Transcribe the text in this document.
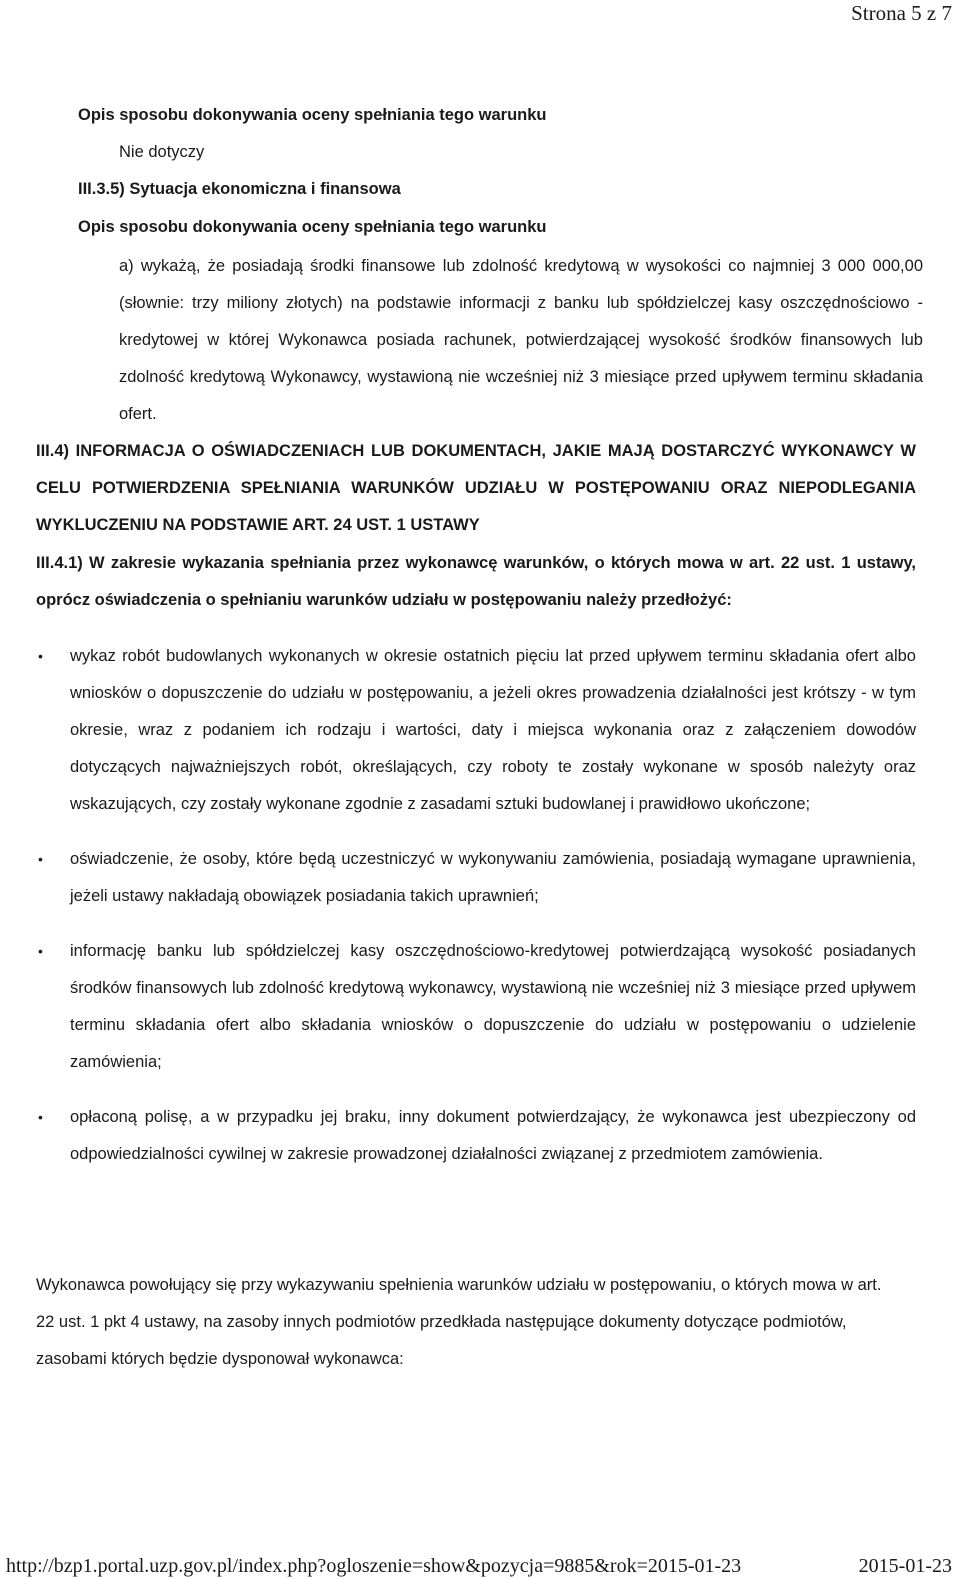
Strona 5 z 7
Opis sposobu dokonywania oceny spełniania tego warunku
Nie dotyczy
III.3.5) Sytuacja ekonomiczna i finansowa
Opis sposobu dokonywania oceny spełniania tego warunku
a) wykażą, że posiadają środki finansowe lub zdolność kredytową w wysokości co najmniej 3 000 000,00 (słownie: trzy miliony złotych) na podstawie informacji z banku lub spółdzielczej kasy oszczędnościowo - kredytowej w której Wykonawca posiada rachunek, potwierdzającej wysokość środków finansowych lub zdolność kredytową Wykonawcy, wystawioną nie wcześniej niż 3 miesiące przed upływem terminu składania ofert.
III.4) INFORMACJA O OŚWIADCZENIACH LUB DOKUMENTACH, JAKIE MAJĄ DOSTARCZYĆ WYKONAWCY W CELU POTWIERDZENIA SPEŁNIANIA WARUNKÓW UDZIAŁU W POSTĘPOWANIU ORAZ NIEPODLEGANIA WYKLUCZENIU NA PODSTAWIE ART. 24 UST. 1 USTAWY
III.4.1) W zakresie wykazania spełniania przez wykonawcę warunków, o których mowa w art. 22 ust. 1 ustawy, oprócz oświadczenia o spełnianiu warunków udziału w postępowaniu należy przedłożyć:
• wykaz robót budowlanych wykonanych w okresie ostatnich pięciu lat przed upływem terminu składania ofert albo wniosków o dopuszczenie do udziału w postępowaniu, a jeżeli okres prowadzenia działalności jest krótszy - w tym okresie, wraz z podaniem ich rodzaju i wartości, daty i miejsca wykonania oraz z załączeniem dowodów dotyczących najważniejszych robót, określających, czy roboty te zostały wykonane w sposób należyty oraz wskazujących, czy zostały wykonane zgodnie z zasadami sztuki budowlanej i prawidłowo ukończone;
• oświadczenie, że osoby, które będą uczestniczyć w wykonywaniu zamówienia, posiadają wymagane uprawnienia, jeżeli ustawy nakładają obowiązek posiadania takich uprawnień;
• informację banku lub spółdzielczej kasy oszczędnościowo-kredytowej potwierdzającą wysokość posiadanych środków finansowych lub zdolność kredytową wykonawcy, wystawioną nie wcześniej niż 3 miesiące przed upływem terminu składania ofert albo składania wniosków o dopuszczenie do udziału w postępowaniu o udzielenie zamówienia;
• opłaconą polisę, a w przypadku jej braku, inny dokument potwierdzający, że wykonawca jest ubezpieczony od odpowiedzialności cywilnej w zakresie prowadzonej działalności związanej z przedmiotem zamówienia.
Wykonawca powołujący się przy wykazywaniu spełnienia warunków udziału w postępowaniu, o których mowa w art. 22 ust. 1 pkt 4 ustawy, na zasoby innych podmiotów przedkłada następujące dokumenty dotyczące podmiotów, zasobami których będzie dysponował wykonawca:
http://bzp1.portal.uzp.gov.pl/index.php?ogloszenie=show&pozycja=9885&rok=2015-01-23	2015-01-23
